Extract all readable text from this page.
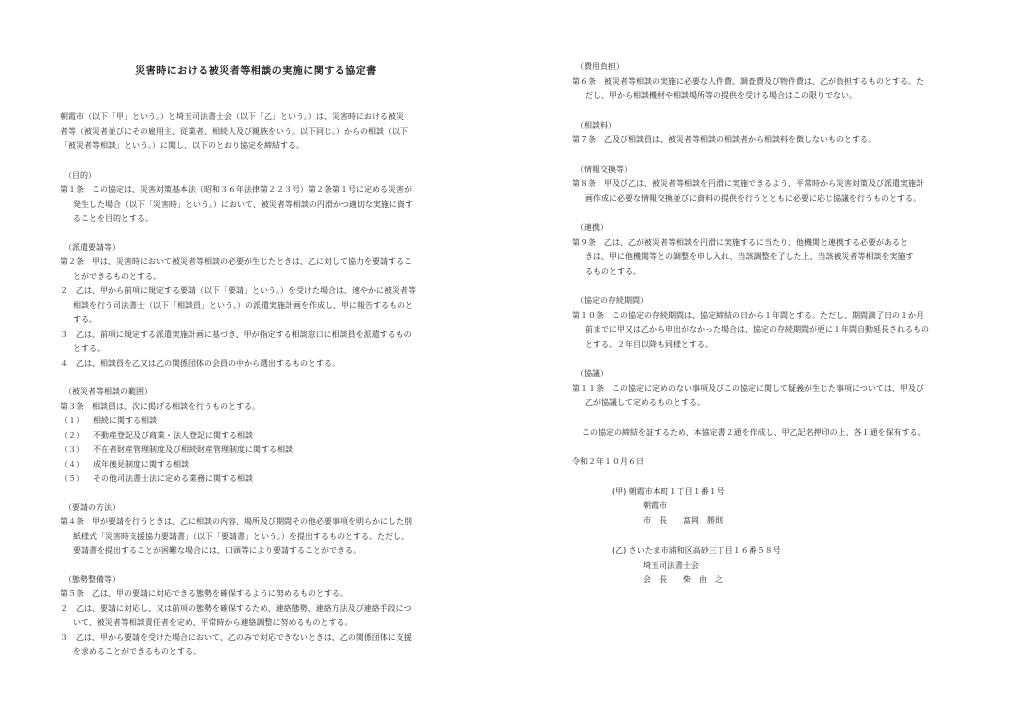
災害時における被災者等相談の実施に関する協定書
朝霞市（以下「甲」という。）と埼玉司法書士会（以下「乙」という。）は、災害時における被災
者等（被災者並びにその雇用主、従業者、相続人及び親族をいう。以下同じ。）からの相談（以下
「被災者等相談」という。）に関し、以下のとおり協定を締結する。
（目的）
第１条　この協定は、災害対策基本法（昭和３６年法律第２２３号）第２条第１号に定める災害が
発生した場合（以下「災害時」という。）において、被災者等相談の円滑かつ適切な実施に資す
ることを目的とする。
（派遣要請等）
第２条　甲は、災害時において被災者等相談の必要が生じたときは、乙に対して協力を要請するこ
とができるものとする。
２　乙は、甲から前項に規定する要請（以下「要請」という。）を受けた場合は、速やかに被災者等
相談を行う司法書士（以下「相談員」という。）の派遣実施計画を作成し、甲に報告するものと
する。
３　乙は、前項に規定する派遣実施計画に基づき、甲が指定する相談窓口に相談員を派遣するもの
とする。
４　乙は、相談員を乙又は乙の関係団体の会員の中から選出するものとする。
（被災者等相談の範囲）
第３条　相談員は、次に掲げる相談を行うものとする。
（１）	相続に関する相談
（２）	不動産登記及び商業・法人登記に関する相談
（３）	不在者財産管理制度及び相続財産管理制度に関する相談
（４）	成年後見制度に関する相談
（５）	その他司法書士法に定める業務に関する相談
（要請の方法）
第４条　甲が要請を行うときは、乙に相談の内容、場所及び期間その他必要事項を明らかにした別
紙様式「災害時支援協力要請書」（以下「要請書」という。）を提出するものとする。ただし、
要請書を提出することが困難な場合には、口頭等により要請することができる。
（態勢整備等）
第５条　乙は、甲の要請に対応できる態勢を確保するように努めるものとする。
２　乙は、要請に対応し、又は前項の態勢を確保するため、連絡態勢、連絡方法及び連絡手段につ
いて、被災者等相談責任者を定め、平常時から連絡調整に努めるものとする。
３　乙は、甲から要請を受けた場合において、乙のみで対応できないときは、乙の関係団体に支援
を求めることができるものとする。
（費用負担）
第６条　被災者等相談の実施に必要な人件費、調査費及び物件費は、乙が負担するものとする。た
だし、甲から相談機材や相談場所等の提供を受ける場合はこの限りでない。
（相談料）
第７条　乙及び相談員は、被災者等相談の相談者から相談料を徴しないものとする。
（情報交換等）
第８条　甲及び乙は、被災者等相談を円滑に実施できるよう、平常時から災害対策及び派遣実施計
画作成に必要な情報交換並びに資料の提供を行うとともに必要に応じ協議を行うものとする。
（連携）
第９条　乙は、乙が被災者等相談を円滑に実施するに当たり、他機関と連携する必要があると
きは、甲に他機関等との調整を申し入れ、当該調整を了した上、当該被災者等相談を実施す
るものとする。
（協定の存続期間）
第１０条　この協定の存続期間は、協定締結の日から１年間とする。ただし、期間満了日の１か月
前までに甲又は乙から申出がなかった場合は、協定の存続期間が更に１年間自動延長されるもの
とする。２年目以降も同様とする。
（協議）
第１１条　この協定に定めのない事項及びこの協定に関して疑義が生じた事項については、甲及び
乙が協議して定めるものとする。
この協定の締結を証するため、本協定書２通を作成し、甲乙記名押印の上、各１通を保有する。
令和２年１０月６日
(甲) 朝霞市本町１丁目１番１号
朝霞市
市　長　　富岡　勝則
(乙) さいたま市浦和区高砂三丁目１６番５８号
埼玉司法書士会
会　長　　柴　由　之
